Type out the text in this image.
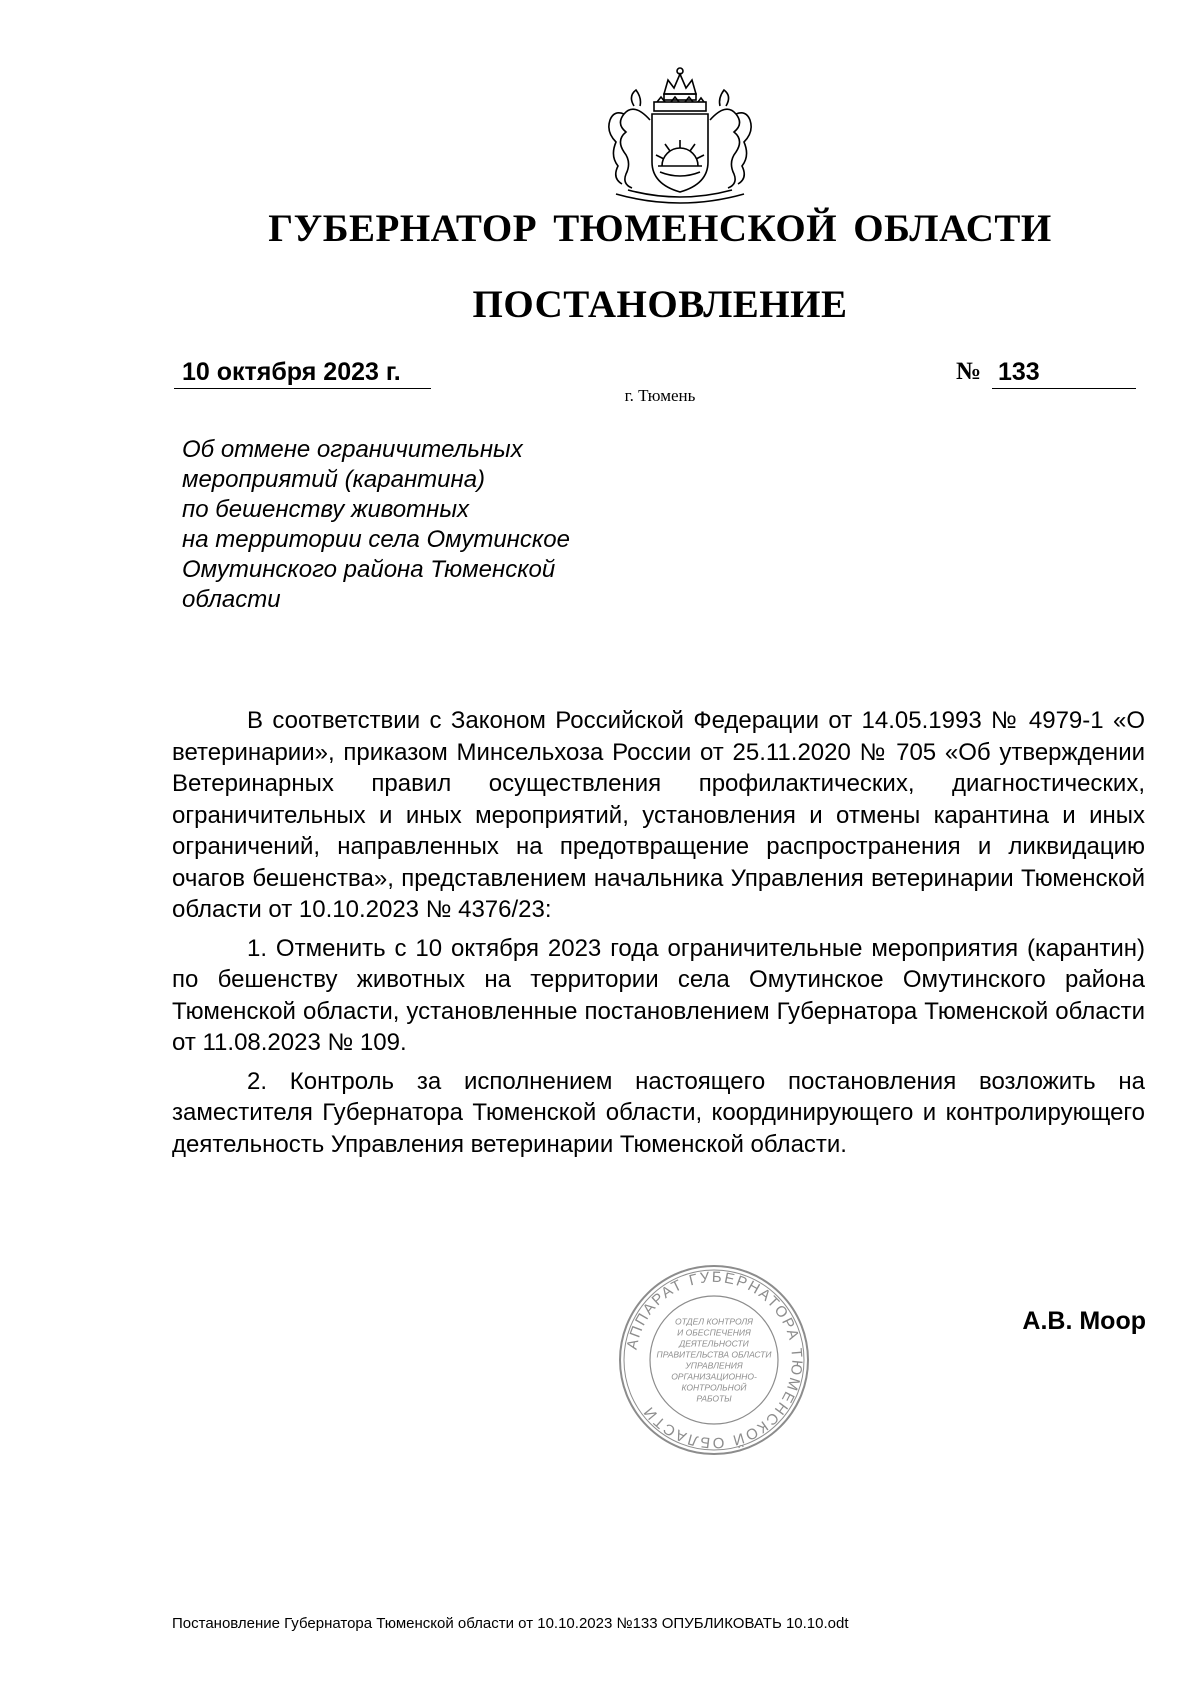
ГУБЕРНАТОР ТЮМЕНСКОЙ ОБЛАСТИ
ПОСТАНОВЛЕНИЕ
10 октября 2023 г.	№ 133
г. Тюмень
Об отмене ограничительных
мероприятий (карантина)
по бешенству животных
на территории села Омутинское
Омутинского района Тюменской
области

В соответствии с Законом Российской Федерации от 14.05.1993 № 4979-1 «О ветеринарии», приказом Минсельхоза России от 25.11.2020 № 705 «Об утверждении Ветеринарных правил осуществления профилактических, диагностических, ограничительных и иных мероприятий, установления и отмены карантина и иных ограничений, направленных на предотвращение распространения и ликвидацию очагов бешенства», представлением начальника Управления ветеринарии Тюменской области от 10.10.2023 № 4376/23:

1. Отменить с 10 октября 2023 года ограничительные мероприятия (карантин) по бешенству животных на территории села Омутинское Омутинского района Тюменской области, установленные постановлением Губернатора Тюменской области от 11.08.2023 № 109.

2. Контроль за исполнением настоящего постановления возложить на заместителя Губернатора Тюменской области, координирующего и контролирующего деятельность Управления ветеринарии Тюменской области.

АППАРАТ ГУБЕРНАТОРА ТЮМЕНСКОЙ ОБЛАСТИ
ОТДЕЛ КОНТРОЛЯ
И ОБЕСПЕЧЕНИЯ
ДЕЯТЕЛЬНОСТИ
ПРАВИТЕЛЬСТВА ОБЛАСТИ
УПРАВЛЕНИЯ
ОРГАНИЗАЦИОННО-
КОНТРОЛЬНОЙ
РАБОТЫ
А.В. Моор
Постановление Губернатора Тюменской области от 10.10.2023 №133 ОПУБЛИКОВАТЬ 10.10.odt
